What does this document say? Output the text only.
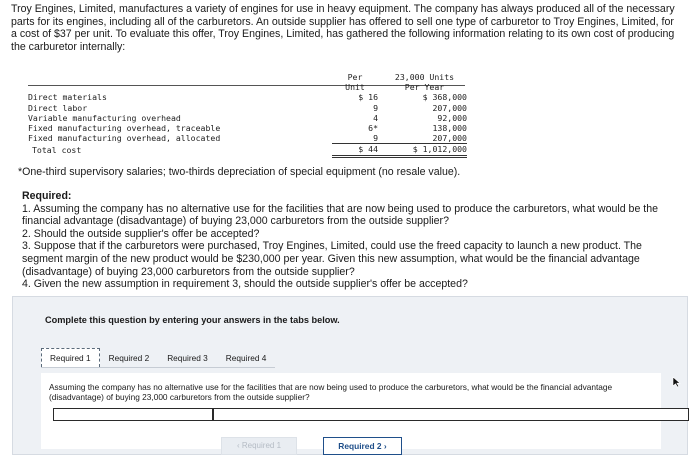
Troy Engines, Limited, manufactures a variety of engines for use in heavy equipment. The company has always produced all of the necessary parts for its engines, including all of the carburetors. An outside supplier has offered to sell one type of carburetor to Troy Engines, Limited, for a cost of $37 per unit. To evaluate this offer, Troy Engines, Limited, has gathered the following information relating to its own cost of producing the carburetor internally:

	Per	23,000 Units
	Unit	Per Year
Direct materials	$ 16	$ 368,000
Direct labor	9	207,000
Variable manufacturing overhead	4	92,000
Fixed manufacturing overhead, traceable	6*	138,000
Fixed manufacturing overhead, allocated	9	207,000
Total cost	$ 44	$ 1,012,000

*One-third supervisory salaries; two-thirds depreciation of special equipment (no resale value).

Required:

1. Assuming the company has no alternative use for the facilities that are now being used to produce the carburetors, what would be the financial advantage (disadvantage) of buying 23,000 carburetors from the outside supplier?
2. Should the outside supplier's offer be accepted?
3. Suppose that if the carburetors were purchased, Troy Engines, Limited, could use the freed capacity to launch a new product. The segment margin of the new product would be $230,000 per year. Given this new assumption, what would be the financial advantage (disadvantage) of buying 23,000 carburetors from the outside supplier?
4. Given the new assumption in requirement 3, should the outside supplier's offer be accepted?

Complete this question by entering your answers in the tabs below.

Required 1	Required 2	Required 3	Required 4

Assuming the company has no alternative use for the facilities that are now being used to produce the carburetors, what would be the financial advantage (disadvantage) of buying 23,000 carburetors from the outside supplier?

‹ Required 1	Required 2 ›
